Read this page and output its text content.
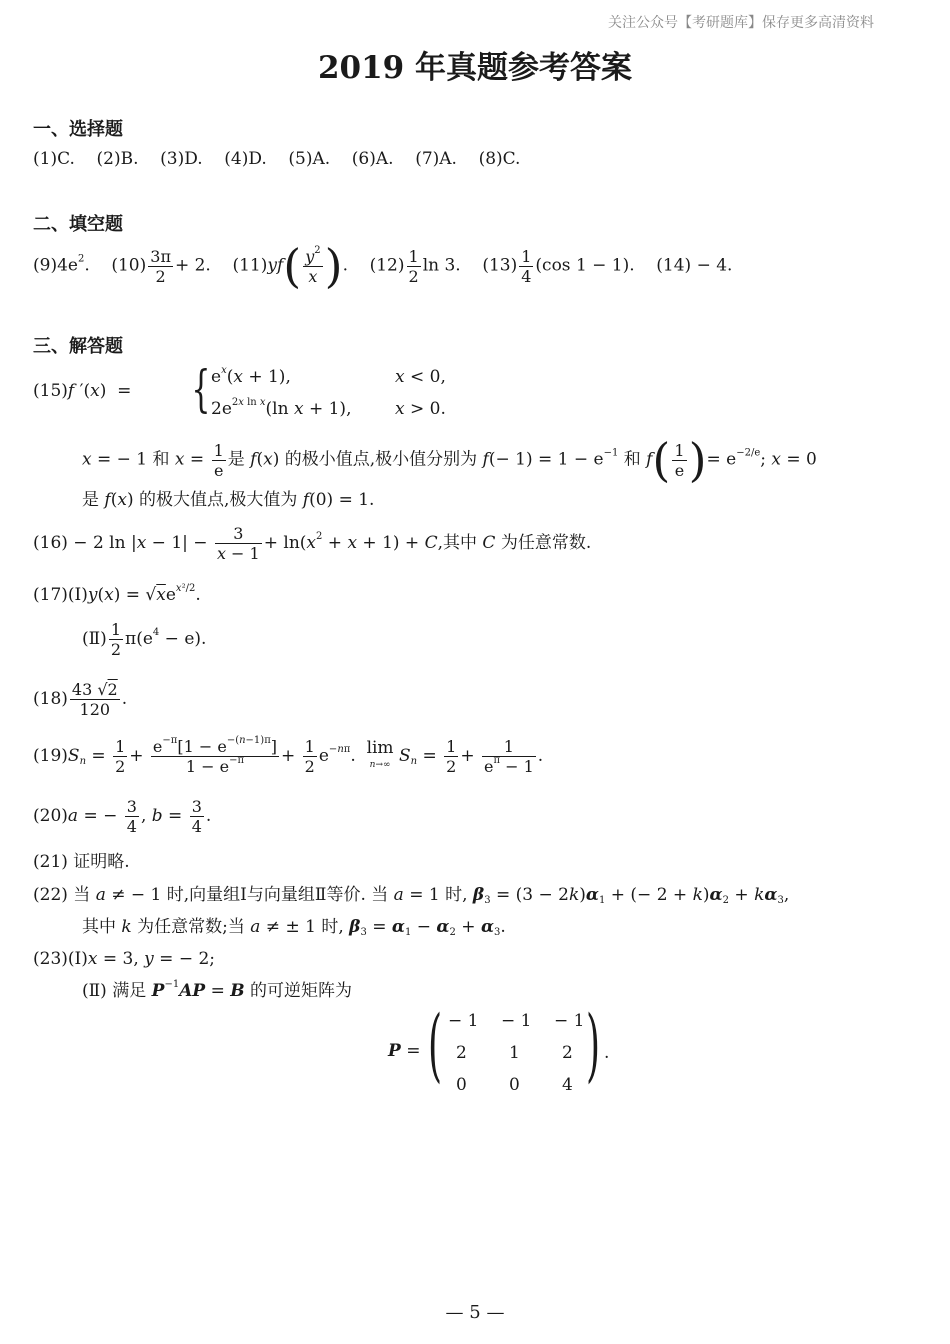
关注公众号【考研题库】保存更多高清资料
2019 年真题参考答案
一、选择题
(1)C. (2)B. (3)D. (4)D. (5)A. (6)A. (7)A. (8)C.
二、填空题
$(9)4e^2$.    $(10) \frac{3\pi}{2} + 2$.    $(11)yf( \frac{y^2}{x}$ ).    $(12) \frac{1}{2}$ ln 3.    $(13) \frac{1}{4} (\cos$ 1 − 1).    (14) − 4.
三、解答题
(15)f ′(x)  = { $e^x(x + 1)$,	x < 0,
$2e^{2x ln x}(\ln$ x + 1),	x > 0.
x = − 1 和 $x = \frac{1}{e}$ 是 f(x) 的极小值点,极小值分别为 $f(- 1) = 1 - e^{-1}$ 和 $f( \frac{1}{e}$ )= $e^{-2/e}$; x = 0
是 f(x) 的极大值点,极大值为 f(0) = 1.
(16) − 2 $\ln |x - 1| - \frac{3}{x - 1} + \ln(x^2 + x + 1) + C$,其中 C 为任意常数.
(17)(Ⅰ)y(x) = $√xe^{x^2/2}$.
(Ⅱ) $\frac{1}{2} \pi(e^4 - e)$.
$(18) \frac{43 √2}{120}$ .
$(19)S_n = \frac{1}{2} + \frac{e^{-\pi}[1 - e^{-(n-1)\pi}]}{1 - e^{-\pi}} + \frac{1}{2} e^{-n\pi}$.  lim
n→∞ $S_n = \frac{1}{2} + \frac{1}{e^\pi - 1}$ .
(20)a = − $\frac{3}{4}$ , $b = \frac{3}{4}$ .
(21) 证明略.
(22) 当 a ≠ − 1 时,向量组Ⅰ与向量组Ⅱ等价. 当 a = 1 时, $\beta_3 = (3 - 2k)\alpha_1$ + (− $2 + k)\alpha_2 + k\alpha_3$,
其中 k 为任意常数;当 a ≠ ± 1 时, $\beta_3 = \alpha_1 - \alpha_2 + \alpha_3$.
(23)(Ⅰ)x = 3, y = − 2;
(Ⅱ) 满足 $P^{-1}AP = B$ 的可逆矩阵为
P = ( − 1 − 1 − 1
2 1 2
0 0 4 ) .
— 5 —
